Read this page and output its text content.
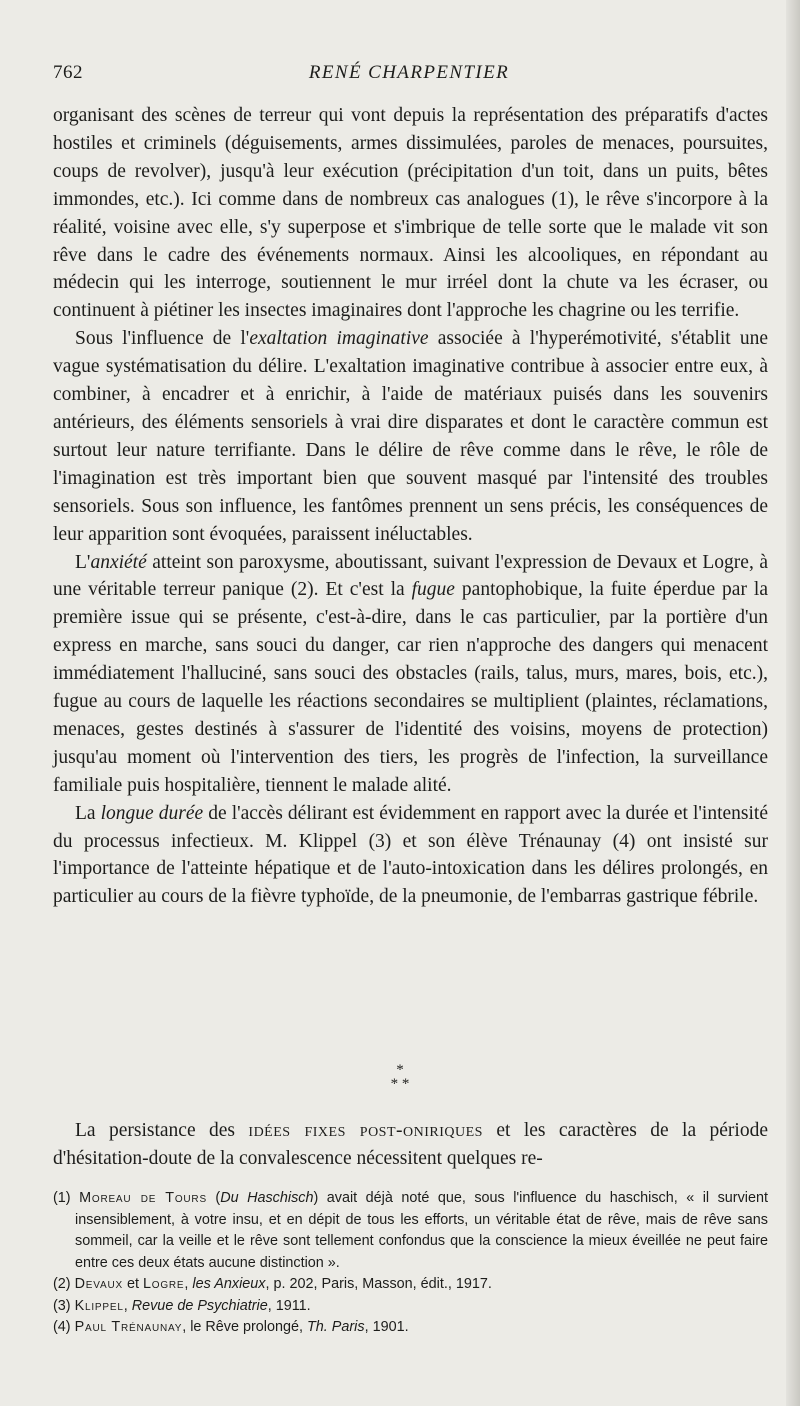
762	RENÉ CHARPENTIER

organisant des scènes de terreur qui vont depuis la représentation des préparatifs d'actes hostiles et criminels (déguisements, armes dissimulées, paroles de menaces, poursuites, coups de revolver), jusqu'à leur exécution (précipitation d'un toit, dans un puits, bêtes immondes, etc.). Ici comme dans de nombreux cas analogues (1), le rêve s'incorpore à la réalité, voisine avec elle, s'y superpose et s'imbrique de telle sorte que le malade vit son rêve dans le cadre des événements normaux. Ainsi les alcooliques, en répondant au médecin qui les interroge, soutiennent le mur irréel dont la chute va les écraser, ou continuent à piétiner les insectes imaginaires dont l'approche les chagrine ou les terrifie.

Sous l'influence de l'exaltation imaginative associée à l'hyperémotivité, s'établit une vague systématisation du délire. L'exaltation imaginative contribue à associer entre eux, à combiner, à encadrer et à enrichir, à l'aide de matériaux puisés dans les souvenirs antérieurs, des éléments sensoriels à vrai dire disparates et dont le caractère commun est surtout leur nature terrifiante. Dans le délire de rêve comme dans le rêve, le rôle de l'imagination est très important bien que souvent masqué par l'intensité des troubles sensoriels. Sous son influence, les fantômes prennent un sens précis, les conséquences de leur apparition sont évoquées, paraissent inéluctables.

L'anxiété atteint son paroxysme, aboutissant, suivant l'expression de Devaux et Logre, à une véritable terreur panique (2). Et c'est la fugue pantophobique, la fuite éperdue par la première issue qui se présente, c'est-à-dire, dans le cas particulier, par la portière d'un express en marche, sans souci du danger, car rien n'approche des dangers qui menacent immédiatement l'halluciné, sans souci des obstacles (rails, talus, murs, mares, bois, etc.), fugue au cours de laquelle les réactions secondaires se multiplient (plaintes, réclamations, menaces, gestes destinés à s'assurer de l'identité des voisins, moyens de protection) jusqu'au moment où l'intervention des tiers, les progrès de l'infection, la surveillance familiale puis hospitalière, tiennent le malade alité.

La longue durée de l'accès délirant est évidemment en rapport avec la durée et l'intensité du processus infectieux. M. Klippel (3) et son élève Trénaunay (4) ont insisté sur l'importance de l'atteinte hépatique et de l'auto-intoxication dans les délires prolongés, en particulier au cours de la fièvre typhoïde, de la pneumonie, de l'embarras gastrique fébrile.

*
* *

La persistance des idées fixes post-oniriques et les caractères de la période d'hésitation-doute de la convalescence nécessitent quelques re-

(1) Moreau de Tours (Du Haschisch) avait déjà noté que, sous l'influence du haschisch, « il survient insensiblement, à votre insu, et en dépit de tous les efforts, un véritable état de rêve, mais de rêve sans sommeil, car la veille et le rêve sont tellement confondus que la conscience la mieux éveillée ne peut faire entre ces deux états aucune distinction ».

(2) Devaux et Logre, les Anxieux, p. 202, Paris, Masson, édit., 1917.

(3) Klippel, Revue de Psychiatrie, 1911.

(4) Paul Trénaunay, le Rêve prolongé, Th. Paris, 1901.
